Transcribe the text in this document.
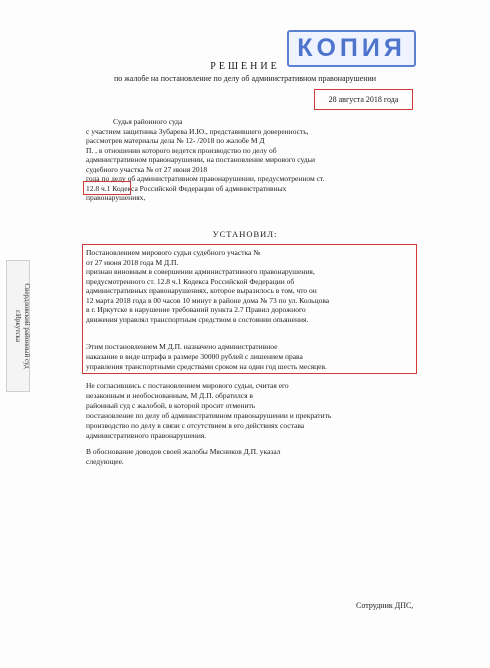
Свердловский районный суд
г.Иркутска
КОПИЯ
РЕШЕНИЕ
по жалобе на постановление по делу об административном правонарушении
28 августа 2018 года
Судья районного суда
с участием защитника Зубарева И.Ю., представившего доверенность,
рассмотрев материалы дела № 12- /2018 по жалобе М Д
П. , в отношении которого ведется производство по делу об
административном правонарушении, на постановление мирового судьи
судебного участка № от 27 июня 2018
года по делу об административном правонарушении, предусмотренном ст.
12.8 ч.1 Кодекса Российской Федерации об административных
правонарушениях,
УСТАНОВИЛ:
Постановлением мирового судьи судебного участка №
от 27 июня 2018 года М Д.П.
признан виновным в совершении административного правонарушения,
предусмотренного ст. 12.8 ч.1 Кодекса Российской Федерации об
административных правонарушениях, которое выразилось в том, что он
12 марта 2018 года в 00 часов 10 минут в районе дома № 73 по ул. Кольцова
в г. Иркутске в нарушение требований пункта 2.7 Правил дорожного
движения управлял транспортным средством в состоянии опьянения.
Этим постановлением М Д.П. назначено административное
наказание в виде штрафа в размере 30000 рублей с лишением права
управления транспортными средствами сроком на один год шесть месяцев.
Не согласившись с постановлением мирового судьи, считая его
незаконным и необоснованным, М Д.П. обратился в
районный суд с жалобой, в которой просит отменить
постановление по делу об административном правонарушении и прекратить
производство по делу в связи с отсутствием в его действиях состава
административного правонарушения.
В обоснование доводов своей жалобы Мясников Д.П. указал
следующее.
Сотрудник ДПС,
